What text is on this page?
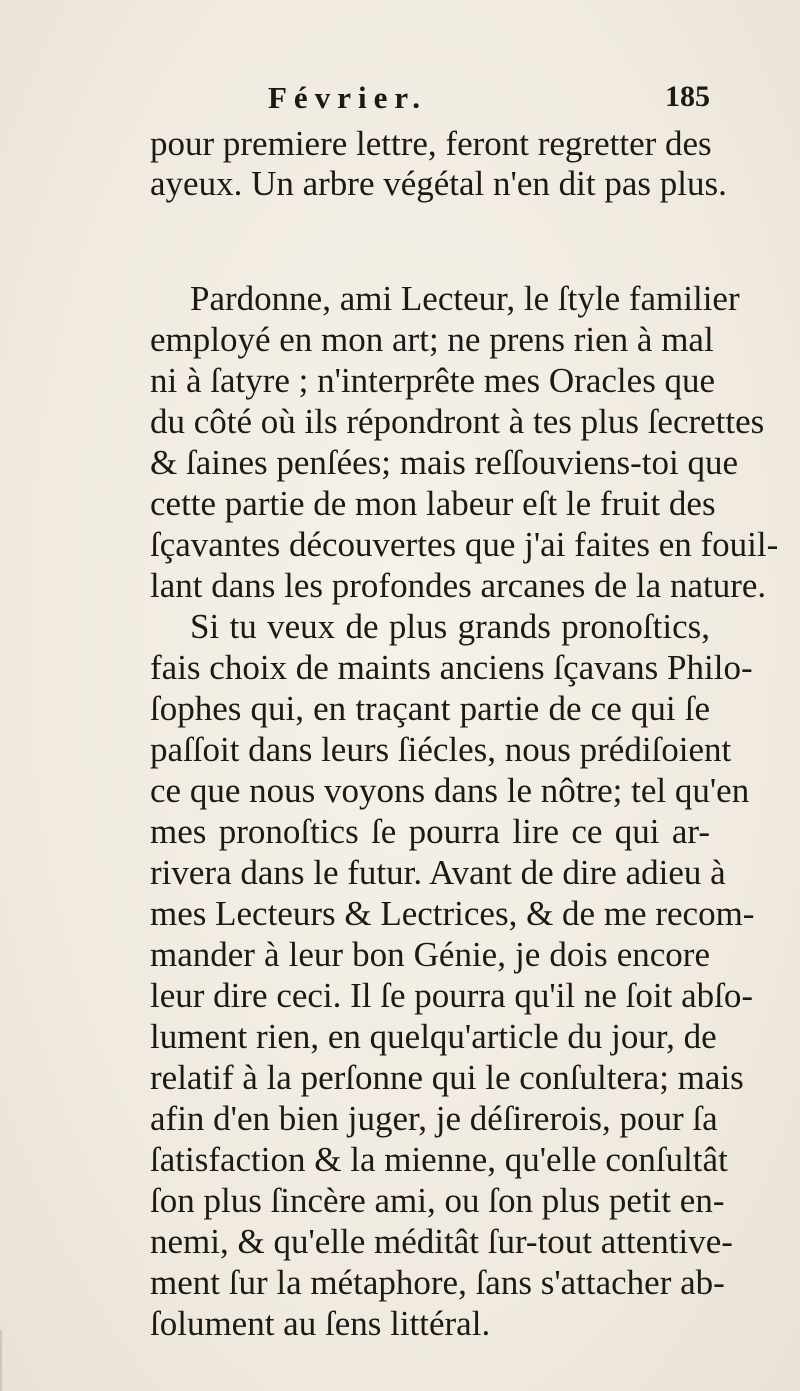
Février.	185
pour premiere lettre, feront regretter des
ayeux. Un arbre végétal n'en dit pas plus.
Pardonne, ami Lecteur, le ſtyle familier
employé en mon art; ne prens rien à mal
ni à ſatyre ; n'interprête mes Oracles que
du côté où ils répondront à tes plus ſecrettes
& ſaines penſées; mais reſſouviens-toi que
cette partie de mon labeur eſt le fruit des
ſçavantes découvertes que j'ai faites en fouil-
lant dans les profondes arcanes de la nature.
Si tu veux de plus grands pronoſtics,
fais choix de maints anciens ſçavans Philo-
ſophes qui, en traçant partie de ce qui ſe
paſſoit dans leurs ſiécles, nous prédiſoient
ce que nous voyons dans le nôtre; tel qu'en
mes pronoſtics ſe pourra lire ce qui ar-
rivera dans le futur. Avant de dire adieu à
mes Lecteurs & Lectrices, & de me recom-
mander à leur bon Génie, je dois encore
leur dire ceci. Il ſe pourra qu'il ne ſoit abſo-
lument rien, en quelqu'article du jour, de
relatif à la perſonne qui le conſultera; mais
afin d'en bien juger, je déſirerois, pour ſa
ſatisfaction & la mienne, qu'elle conſultât
ſon plus ſincère ami, ou ſon plus petit en-
nemi, & qu'elle méditât ſur-tout attentive-
ment ſur la métaphore, ſans s'attacher ab-
ſolument au ſens littéral.
